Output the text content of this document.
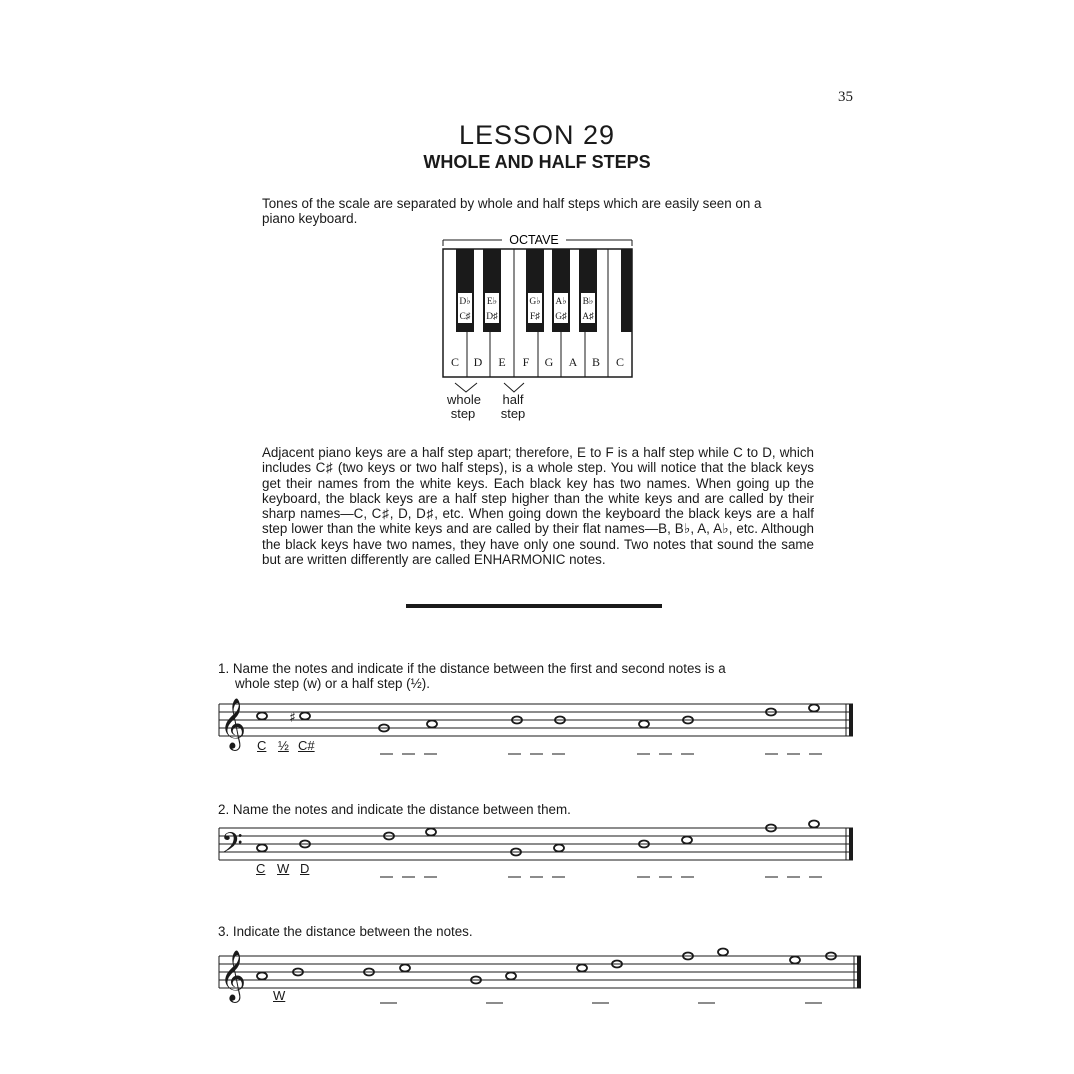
35
LESSON 29
WHOLE AND HALF STEPS

Tones of the scale are separated by whole and half steps which are easily seen on a piano keyboard.

OCTAVE
D♭
C♯
E♭
D♯
G♭
F♯
A♭
G♯
B♭
A♯
C D E F G A B C
whole
step
half
step

Adjacent piano keys are a half step apart; therefore, E to F is a half step while C to D, which includes C♯ (two keys or two half steps), is a whole step. You will notice that the black keys get their names from the white keys. Each black key has two names. When going up the keyboard, the black keys are a half step higher than the white keys and are called by their sharp names—C, C♯, D, D♯, etc. When going down the keyboard the black keys are a half step lower than the white keys and are called by their flat names—B, B♭, A, A♭, etc. Although the black keys have two names, they have only one sound. Two notes that sound the same but are written differently are called ENHARMONIC notes.

1. Name the notes and indicate if the distance between the first and second notes is a

whole step (w) or a half step (½).

𝄞	♯
C ½ C#

2. Name the notes and indicate the distance between them.

𝄢
C W D

3. Indicate the distance between the notes.

𝄞 W
